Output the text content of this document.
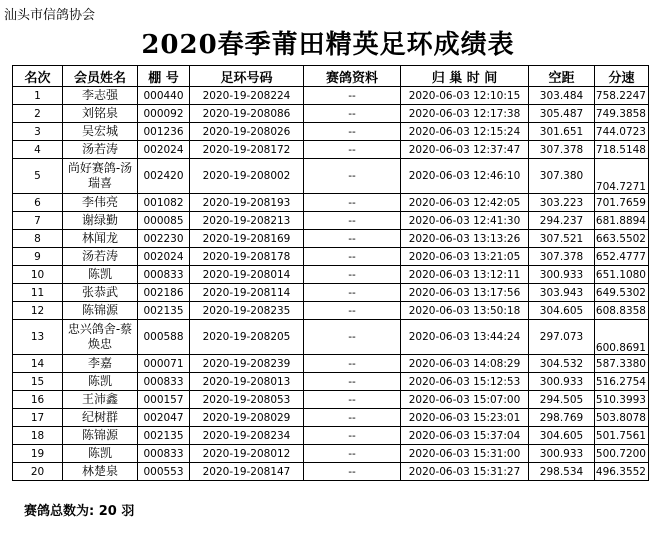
汕头市信鸽协会
2020春季莆田精英足环成绩表
名次	会员姓名	棚 号	足环号码	赛鸽资料	归 巢 时 间	空距	分速
1	李志强	000440	2020-19-208224	--	2020-06-03 12:10:15	303.484	758.2247
2	刘铭泉	000092	2020-19-208086	--	2020-06-03 12:17:38	305.487	749.3858
3	吴宏城	001236	2020-19-208026	--	2020-06-03 12:15:24	301.651	744.0723
4	汤若涛	002024	2020-19-208172	--	2020-06-03 12:37:47	307.378	718.5148
5	尚好赛鸽-汤瑞喜	002420	2020-19-208002	--	2020-06-03 12:46:10	307.380	704.7271
6	李伟亮	001082	2020-19-208193	--	2020-06-03 12:42:05	303.223	701.7659
7	谢绿勤	000085	2020-19-208213	--	2020-06-03 12:41:30	294.237	681.8894
8	林闻龙	002230	2020-19-208169	--	2020-06-03 13:13:26	307.521	663.5502
9	汤若涛	002024	2020-19-208178	--	2020-06-03 13:21:05	307.378	652.4777
10	陈凯	000833	2020-19-208014	--	2020-06-03 13:12:11	300.933	651.1080
11	张恭武	002186	2020-19-208114	--	2020-06-03 13:17:56	303.943	649.5302
12	陈锦源	002135	2020-19-208235	--	2020-06-03 13:50:18	304.605	608.8358
13	忠兴鸽舍-蔡焕忠	000588	2020-19-208205	--	2020-06-03 13:44:24	297.073	600.8691
14	李嘉	000071	2020-19-208239	--	2020-06-03 14:08:29	304.532	587.3380
15	陈凯	000833	2020-19-208013	--	2020-06-03 15:12:53	300.933	516.2754
16	王沛鑫	000157	2020-19-208053	--	2020-06-03 15:07:00	294.505	510.3993
17	纪树群	002047	2020-19-208029	--	2020-06-03 15:23:01	298.769	503.8078
18	陈锦源	002135	2020-19-208234	--	2020-06-03 15:37:04	304.605	501.7561
19	陈凯	000833	2020-19-208012	--	2020-06-03 15:31:00	300.933	500.7200
20	林楚泉	000553	2020-19-208147	--	2020-06-03 15:31:27	298.534	496.3552
赛鸽总数为: 20 羽
